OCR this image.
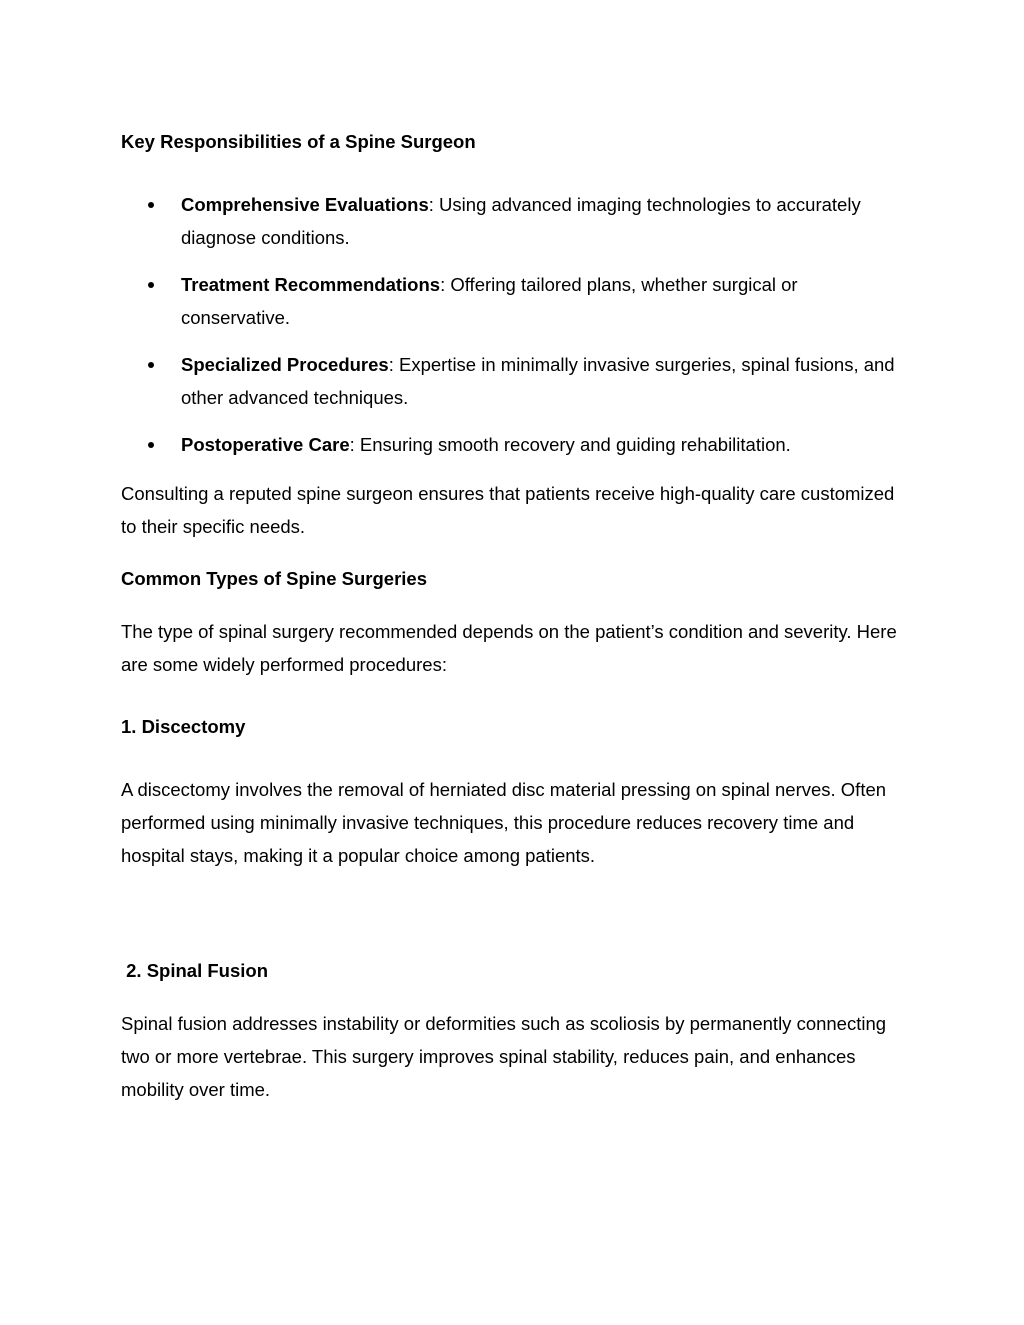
Key Responsibilities of a Spine Surgeon
Comprehensive Evaluations: Using advanced imaging technologies to accurately diagnose conditions.
Treatment Recommendations: Offering tailored plans, whether surgical or conservative.
Specialized Procedures: Expertise in minimally invasive surgeries, spinal fusions, and other advanced techniques.
Postoperative Care: Ensuring smooth recovery and guiding rehabilitation.

Consulting a reputed spine surgeon ensures that patients receive high-quality care customized to their specific needs.

Common Types of Spine Surgeries

The type of spinal surgery recommended depends on the patient’s condition and severity. Here are some widely performed procedures:

1. Discectomy

A discectomy involves the removal of herniated disc material pressing on spinal nerves. Often performed using minimally invasive techniques, this procedure reduces recovery time and hospital stays, making it a popular choice among patients.

2. Spinal Fusion

Spinal fusion addresses instability or deformities such as scoliosis by permanently connecting two or more vertebrae. This surgery improves spinal stability, reduces pain, and enhances mobility over time.
